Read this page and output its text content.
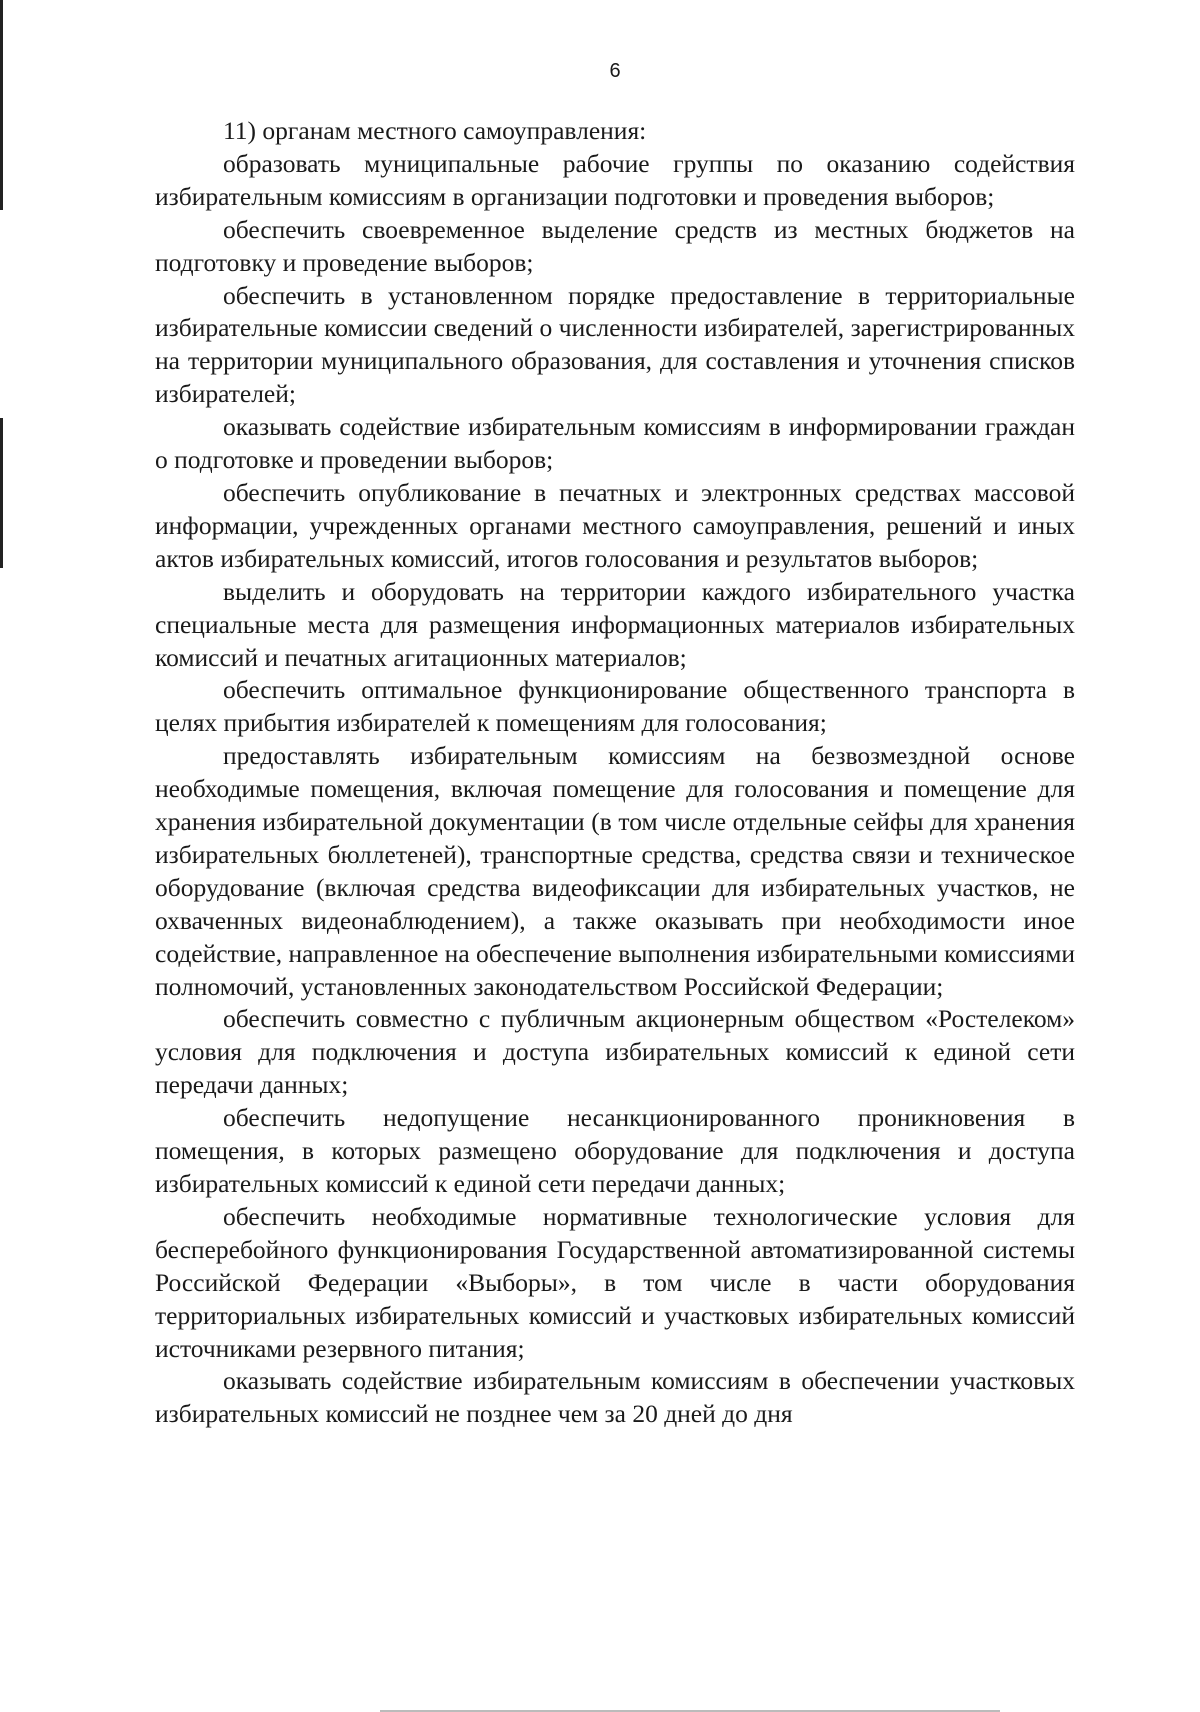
6

11) органам местного самоуправления:

образовать муниципальные рабочие группы по оказанию содействия избирательным комиссиям в организации подготовки и проведения выборов;

обеспечить своевременное выделение средств из местных бюджетов на подготовку и проведение выборов;

обеспечить в установленном порядке предоставление в территориальные избирательные комиссии сведений о численности избирателей, зарегистрированных на территории муниципального образования, для составления и уточнения списков избирателей;

оказывать содействие избирательным комиссиям в информировании граждан о подготовке и проведении выборов;

обеспечить опубликование в печатных и электронных средствах массовой информации, учрежденных органами местного самоуправления, решений и иных актов избирательных комиссий, итогов голосования и результатов выборов;

выделить и оборудовать на территории каждого избирательного участка специальные места для размещения информационных материалов избирательных комиссий и печатных агитационных материалов;

обеспечить оптимальное функционирование общественного транспорта в целях прибытия избирателей к помещениям для голосования;

предоставлять избирательным комиссиям на безвозмездной основе необходимые помещения, включая помещение для голосования и помещение для хранения избирательной документации (в том числе отдельные сейфы для хранения избирательных бюллетеней), транспортные средства, средства связи и техническое оборудование (включая средства видеофиксации для избирательных участков, не охваченных видеонаблюдением), а также оказывать при необходимости иное содействие, направленное на обеспечение выполнения избирательными комиссиями полномочий, установленных законодательством Российской Федерации;

обеспечить совместно с публичным акционерным обществом «Ростелеком» условия для подключения и доступа избирательных комиссий к единой сети передачи данных;

обеспечить недопущение несанкционированного проникновения в помещения, в которых размещено оборудование для подключения и доступа избирательных комиссий к единой сети передачи данных;

обеспечить необходимые нормативные технологические условия для бесперебойного функционирования Государственной автоматизированной системы Российской Федерации «Выборы», в том числе в части оборудования территориальных избирательных комиссий и участковых избирательных комиссий источниками резервного питания;

оказывать содействие избирательным комиссиям в обеспечении участковых избирательных комиссий не позднее чем за 20 дней до дня
